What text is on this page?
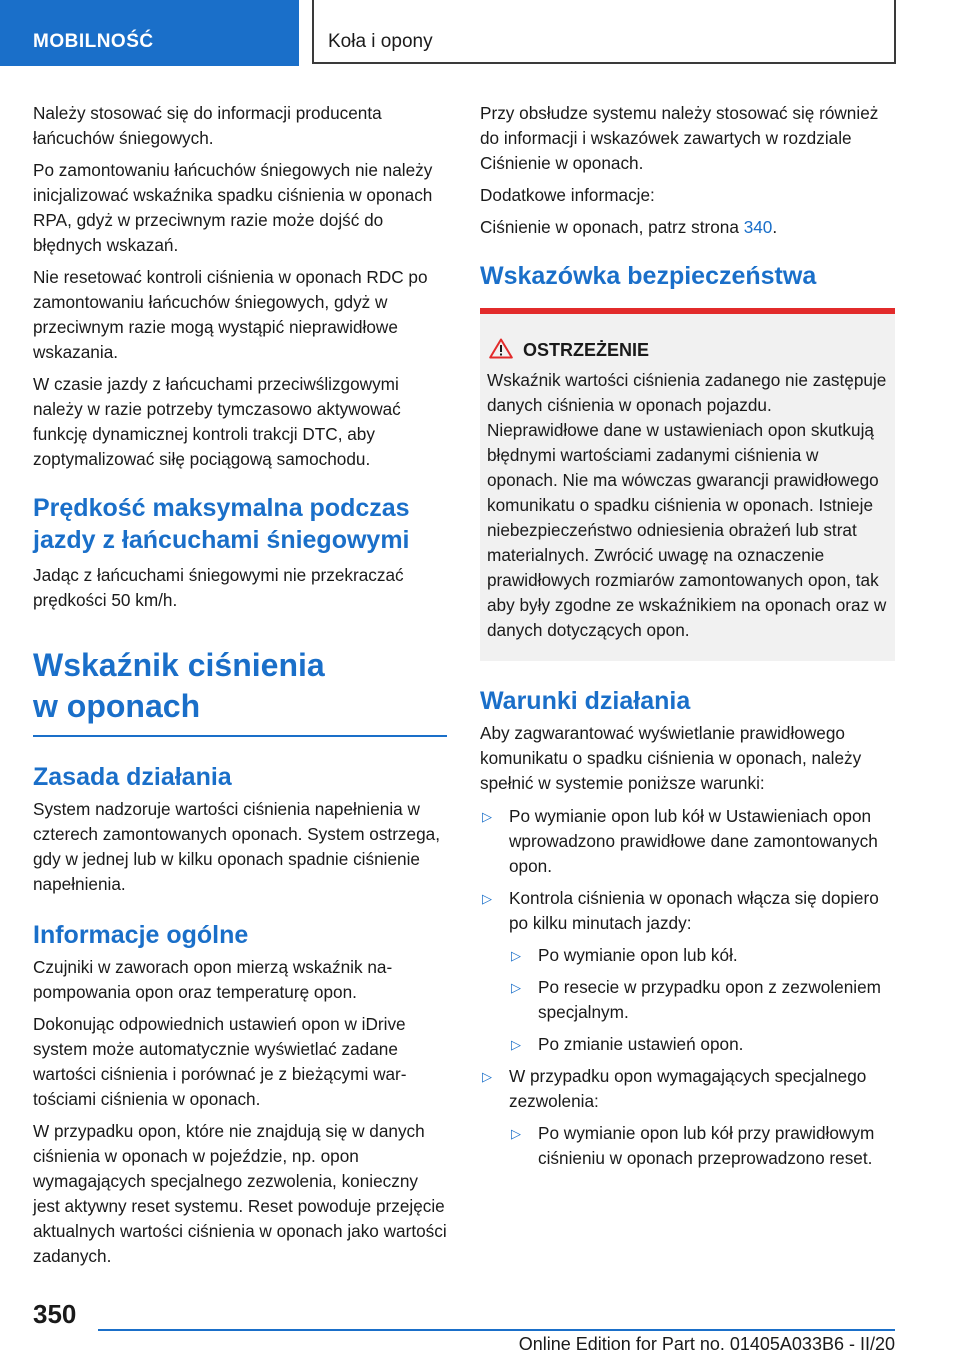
MOBILNOŚĆ	Koła i opony

Należy stosować się do informacji producenta łańcuchów śniegowych.

Po zamontowaniu łańcuchów śniegowych nie należy inicjalizować wskaźnika spadku ciśnienia w oponach RPA, gdyż w przeciwnym razie może dojść do błędnych wskazań.

Nie resetować kontroli ciśnienia w oponach RDC po zamontowaniu łańcuchów śniegowych, gdyż w przeciwnym razie mogą wystąpić nieprawidłowe wskazania.

W czasie jazdy z łańcuchami przeciwślizgowymi należy w razie potrzeby tymczasowo aktywować funkcję dynamicznej kontroli trakcji DTC, aby zoptymalizować siłę pociągową samochodu.

Prędkość maksymalna podczas jazdy z łańcuchami śniegowymi

Jadąc z łańcuchami śniegowymi nie przekraczać prędkości 50 km/h.

Wskaźnik ciśnienia
w oponach
Zasada działania

System nadzoruje wartości ciśnienia napełnienia w czterech zamontowanych oponach. System ostrzega, gdy w jednej lub w kilku oponach spadnie ciśnienie napełnienia.

Informacje ogólne

Czujniki w zaworach opon mierzą wskaźnik napompowania opon oraz temperaturę opon.

Dokonując odpowiednich ustawień opon w iDrive system może automatycznie wyświetlać zadane wartości ciśnienia i porównać je z bieżącymi wartościami ciśnienia w oponach.

W przypadku opon, które nie znajdują się w danych ciśnienia w oponach w pojeździe, np. opon wymagających specjalnego zezwolenia, konieczny jest aktywny reset systemu. Reset powoduje przejęcie aktualnych wartości ciśnienia w oponach jako wartości zadanych.

Przy obsłudze systemu należy stosować się również do informacji i wskazówek zawartych w rozdziale Ciśnienie w oponach.

Dodatkowe informacje:

Ciśnienie w oponach, patrz strona 340.

Wskazówka bezpieczeństwa
OSTRZEŻENIE

Wskaźnik wartości ciśnienia zadanego nie zastępuje danych ciśnienia w oponach pojazdu. Nieprawidłowe dane w ustawieniach opon skutkują błędnymi wartościami zadanymi ciśnienia w oponach. Nie ma wówczas gwarancji prawidłowego komunikatu o spadku ciśnienia w oponach. Istnieje niebezpieczeństwo odniesienia obrażeń lub strat materialnych. Zwrócić uwagę na oznaczenie prawidłowych rozmiarów zamontowanych opon, tak aby były zgodne ze wskaźnikiem na oponach oraz w danych dotyczących opon.

Warunki działania

Aby zagwarantować wyświetlanie prawidłowego komunikatu o spadku ciśnienia w oponach, należy spełnić w systemie poniższe warunki:

▷ Po wymianie opon lub kół w Ustawieniach opon wprowadzono prawidłowe dane zamontowanych opon.
▷ Kontrola ciśnienia w oponach włącza się dopiero po kilku minutach jazdy:
▷ Po wymianie opon lub kół.
▷ Po resecie w przypadku opon z zezwoleniem specjalnym.
▷ Po zmianie ustawień opon.
▷ W przypadku opon wymagających specjalnego zezwolenia:
▷ Po wymianie opon lub kół przy prawidłowym ciśnieniu w oponach przeprowadzono reset.
350
Online Edition for Part no. 01405A033B6 - II/20
